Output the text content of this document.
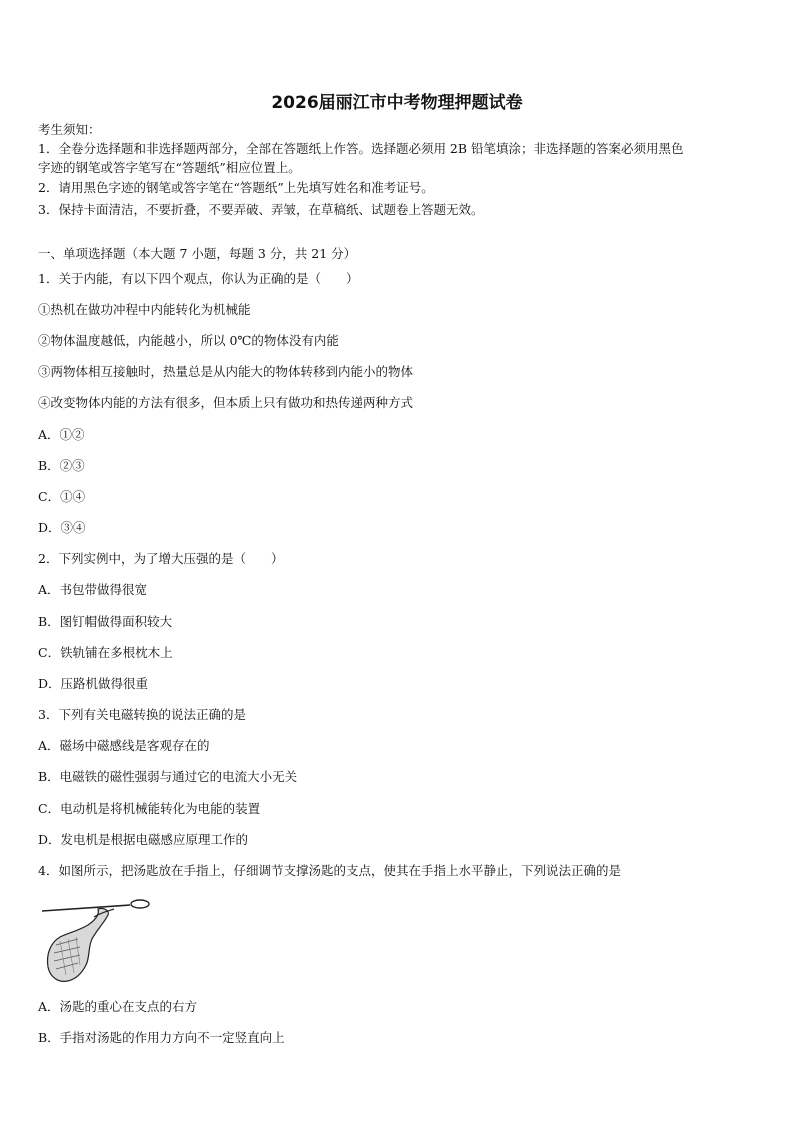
2026届丽江市中考物理押题试卷
考生须知：
1．全卷分选择题和非选择题两部分，全部在答题纸上作答。选择题必须用 2B 铅笔填涂；非选择题的答案必须用黑色
字迹的钢笔或答字笔写在“答题纸”相应位置上。
2．请用黑色字迹的钢笔或答字笔在“答题纸”上先填写姓名和准考证号。
3．保持卡面清洁，不要折叠，不要弄破、弄皱，在草稿纸、试题卷上答题无效。
一、单项选择题（本大题 7 小题，每题 3 分，共 21 分）
1．关于内能，有以下四个观点，你认为正确的是（　　）
①热机在做功冲程中内能转化为机械能
②物体温度越低，内能越小，所以 0℃的物体没有内能
③两物体相互接触时，热量总是从内能大的物体转移到内能小的物体
④改变物体内能的方法有很多，但本质上只有做功和热传递两种方式
A．①②
B．②③
C．①④
D．③④
2．下列实例中，为了增大压强的是（　　）
A．书包带做得很宽
B．图钉帽做得面积较大
C．铁轨铺在多根枕木上
D．压路机做得很重
3．下列有关电磁转换的说法正确的是
A．磁场中磁感线是客观存在的
B．电磁铁的磁性强弱与通过它的电流大小无关
C．电动机是将机械能转化为电能的装置
D．发电机是根据电磁感应原理工作的
4．如图所示，把汤匙放在手指上，仔细调节支撑汤匙的支点，使其在手指上水平静止，下列说法正确的是
A．汤匙的重心在支点的右方
B．手指对汤匙的作用力方向不一定竖直向上
